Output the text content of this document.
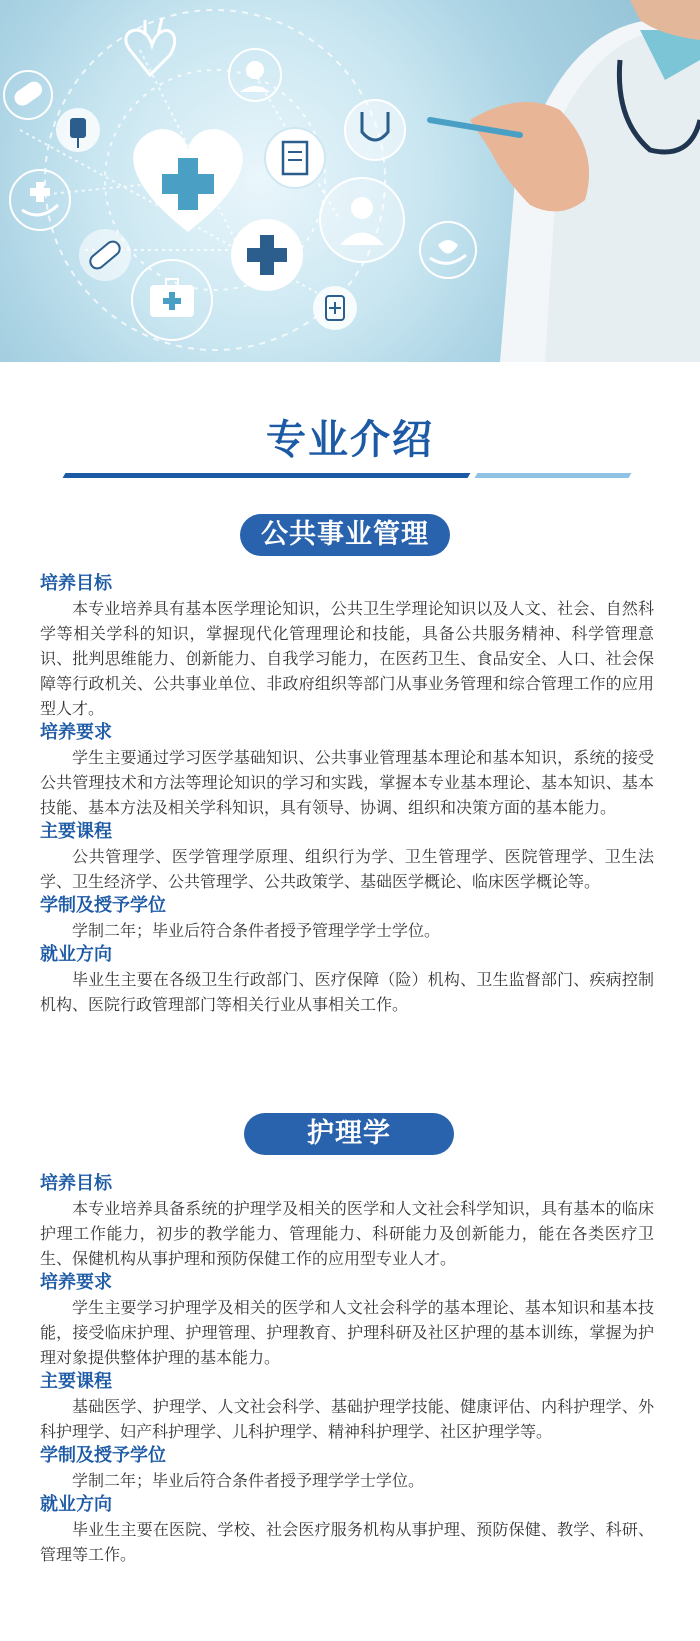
专业介绍
公共事业管理

培养目标

本专业培养具有基本医学理论知识，公共卫生学理论知识以及人文、社会、自然科学等相关学科的知识，掌握现代化管理理论和技能，具备公共服务精神、科学管理意识、批判思维能力、创新能力、自我学习能力，在医药卫生、食品安全、人口、社会保障等行政机关、公共事业单位、非政府组织等部门从事业务管理和综合管理工作的应用型人才。

培养要求

学生主要通过学习医学基础知识、公共事业管理基本理论和基本知识，系统的接受公共管理技术和方法等理论知识的学习和实践，掌握本专业基本理论、基本知识、基本技能、基本方法及相关学科知识，具有领导、协调、组织和决策方面的基本能力。

主要课程

公共管理学、医学管理学原理、组织行为学、卫生管理学、医院管理学、卫生法学、卫生经济学、公共管理学、公共政策学、基础医学概论、临床医学概论等。

学制及授予学位

学制二年；毕业后符合条件者授予管理学学士学位。

就业方向

毕业生主要在各级卫生行政部门、医疗保障（险）机构、卫生监督部门、疾病控制机构、医院行政管理部门等相关行业从事相关工作。

护理学

培养目标

本专业培养具备系统的护理学及相关的医学和人文社会科学知识，具有基本的临床护理工作能力，初步的教学能力、管理能力、科研能力及创新能力，能在各类医疗卫生、保健机构从事护理和预防保健工作的应用型专业人才。

培养要求

学生主要学习护理学及相关的医学和人文社会科学的基本理论、基本知识和基本技能，接受临床护理、护理管理、护理教育、护理科研及社区护理的基本训练，掌握为护理对象提供整体护理的基本能力。

主要课程

基础医学、护理学、人文社会科学、基础护理学技能、健康评估、内科护理学、外科护理学、妇产科护理学、儿科护理学、精神科护理学、社区护理学等。

学制及授予学位

学制二年；毕业后符合条件者授予理学学士学位。

就业方向

毕业生主要在医院、学校、社会医疗服务机构从事护理、预防保健、教学、科研、管理等工作。
